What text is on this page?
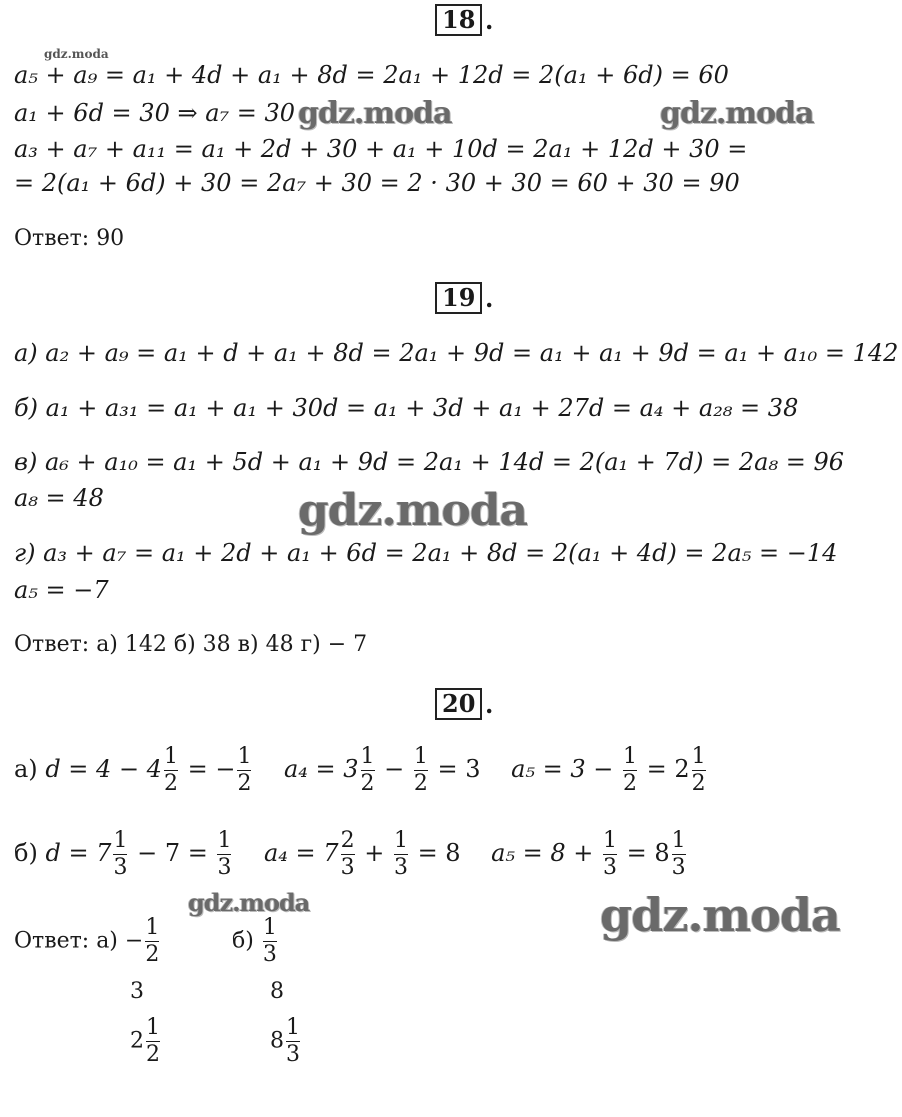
18 .
gdz.moda
a₅ + a₉ = a₁ + 4d + a₁ + 8d = 2a₁ + 12d = 2(a₁ + 6d) = 60
a₁ + 6d = 30 ⇒ a₇ = 30 gdz.moda	gdz.moda
a₃ + a₇ + a₁₁ = a₁ + 2d + 30 + a₁ + 10d = 2a₁ + 12d + 30 =
= 2(a₁ + 6d) + 30 = 2a₇ + 30 = 2 · 30 + 30 = 60 + 30 = 90
Ответ: 90
19 .
а) a₂ + a₉ = a₁ + d + a₁ + 8d = 2a₁ + 9d = a₁ + a₁ + 9d = a₁ + a₁₀ = 142
б) a₁ + a₃₁ = a₁ + a₁ + 30d = a₁ + 3d + a₁ + 27d = a₄ + a₂₈ = 38
в) a₆ + a₁₀ = a₁ + 5d + a₁ + 9d = 2a₁ + 14d = 2(a₁ + 7d) = 2a₈ = 96
a₈ = 48	gdz.moda
г) a₃ + a₇ = a₁ + 2d + a₁ + 6d = 2a₁ + 8d = 2(a₁ + 4d) = 2a₅ = −14
a₅ = −7
Ответ: а) 142 б) 38 в) 48 г) − 7
20 .
а) $d = 4 - 4 \frac{1}{2}$ = − $\frac{1}{2} a_4 = 3 \frac{1}{2} - \frac{1}{2} = 3$ $a_5 = 3 - \frac{1}{2} = 2 \frac{1}{2}$
б) $d = 7 \frac{1}{3} - 7 = \frac{1}{3} a_4 = 7 \frac{2}{3} + \frac{1}{3} = 8$ $a_5 = 8 + \frac{1}{3} = 8 \frac{1}{3}$
gdz.moda	gdz.moda
Ответ: $а) - \frac{1}{2}$	$б) \frac{1}{3}$
3	8
$2 \frac{1}{2}$	$8 \frac{1}{3}$
